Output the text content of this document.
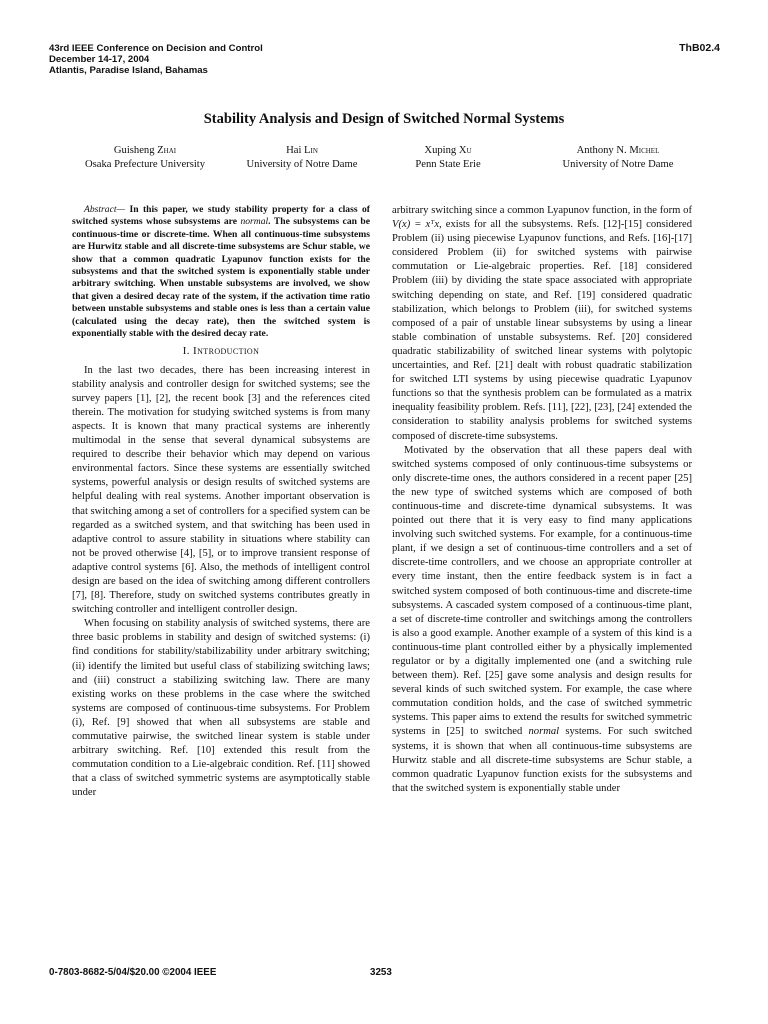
43rd IEEE Conference on Decision and Control
December 14-17, 2004
Atlantis, Paradise Island, Bahamas
ThB02.4
Stability Analysis and Design of Switched Normal Systems
Guisheng Zhai
Osaka Prefecture University
Hai Lin
University of Notre Dame
Xuping Xu
Penn State Erie
Anthony N. Michel
University of Notre Dame

Abstract— In this paper, we study stability property for a class of switched systems whose subsystems are normal. The subsystems can be continuous-time or discrete-time. When all continuous-time subsystems are Hurwitz stable and all discrete-time subsystems are Schur stable, we show that a common quadratic Lyapunov function exists for the subsystems and that the switched system is exponentially stable under arbitrary switching. When unstable subsystems are involved, we show that given a desired decay rate of the system, if the activation time ratio between unstable subsystems and stable ones is less than a certain value (calculated using the decay rate), then the switched system is exponentially stable with the desired decay rate.

I. Introduction

In the last two decades, there has been increasing interest in stability analysis and controller design for switched systems; see the survey papers [1], [2], the recent book [3] and the references cited therein. The motivation for studying switched systems is from many aspects. It is known that many practical systems are inherently multimodal in the sense that several dynamical subsystems are required to describe their behavior which may depend on various environmental factors. Since these systems are essentially switched systems, powerful analysis or design results of switched systems are helpful dealing with real systems. Another important observation is that switching among a set of controllers for a specified system can be regarded as a switched system, and that switching has been used in adaptive control to assure stability in situations where stability can not be proved otherwise [4], [5], or to improve transient response of adaptive control systems [6]. Also, the methods of intelligent control design are based on the idea of switching among different controllers [7], [8]. Therefore, study on switched systems contributes greatly in switching controller and intelligent controller design.

When focusing on stability analysis of switched systems, there are three basic problems in stability and design of switched systems: (i) find conditions for stability/stabilizability under arbitrary switching; (ii) identify the limited but useful class of stabilizing switching laws; and (iii) construct a stabilizing switching law. There are many existing works on these problems in the case where the switched systems are composed of continuous-time subsystems. For Problem (i), Ref. [9] showed that when all subsystems are stable and commutative pairwise, the switched linear system is stable under arbitrary switching. Ref. [10] extended this result from the commutation condition to a Lie-algebraic condition. Ref. [11] showed that a class of switched symmetric systems are asymptotically stable under

arbitrary switching since a common Lyapunov function, in the form of V(x) = xᵀx, exists for all the subsystems. Refs. [12]-[15] considered Problem (ii) using piecewise Lyapunov functions, and Refs. [16]-[17] considered Problem (ii) for switched systems with pairwise commutation or Lie-algebraic properties. Ref. [18] considered Problem (iii) by dividing the state space associated with appropriate switching depending on state, and Ref. [19] considered quadratic stabilization, which belongs to Problem (iii), for switched systems composed of a pair of unstable linear subsystems by using a linear stable combination of unstable subsystems. Ref. [20] considered quadratic stabilizability of switched linear systems with polytopic uncertainties, and Ref. [21] dealt with robust quadratic stabilization for switched LTI systems by using piecewise quadratic Lyapunov functions so that the synthesis problem can be formulated as a matrix inequality feasibility problem. Refs. [11], [22], [23], [24] extended the consideration to stability analysis problems for switched systems composed of discrete-time subsystems.

Motivated by the observation that all these papers deal with switched systems composed of only continuous-time subsystems or only discrete-time ones, the authors considered in a recent paper [25] the new type of switched systems which are composed of both continuous-time and discrete-time dynamical subsystems. It was pointed out there that it is very easy to find many applications involving such switched systems. For example, for a continuous-time plant, if we design a set of continuous-time controllers and a set of discrete-time controllers, and we choose an appropriate controller at every time instant, then the entire feedback system is in fact a switched system composed of both continuous-time and discrete-time subsystems. A cascaded system composed of a continuous-time plant, a set of discrete-time controller and switchings among the controllers is also a good example. Another example of a system of this kind is a continuous-time plant controlled either by a physically implemented regulator or by a digitally implemented one (and a switching rule between them). Ref. [25] gave some analysis and design results for several kinds of such switched system. For example, the case where commutation condition holds, and the case of switched symmetric systems. This paper aims to extend the results for switched symmetric systems in [25] to switched normal systems. For such switched systems, it is shown that when all continuous-time subsystems are Hurwitz stable and all discrete-time subsystems are Schur stable, a common quadratic Lyapunov function exists for the subsystems and that the switched system is exponentially stable under

0-7803-8682-5/04/$20.00 ©2004 IEEE	3253
